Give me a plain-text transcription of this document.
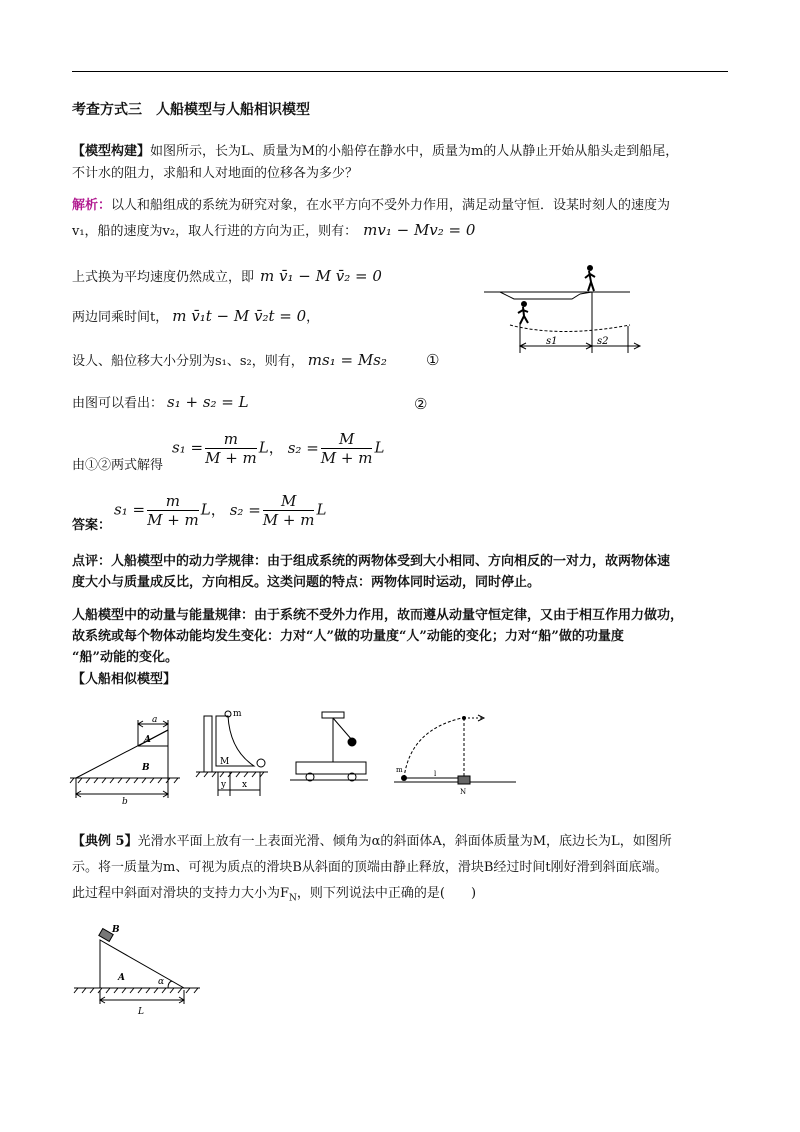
考查方式三　人船模型与人船相识模型
【模型构建】如图所示，长为L、质量为M的小船停在静水中，质量为m的人从静止开始从船头走到船尾，
不计水的阻力，求船和人对地面的位移各为多少？
解析：以人和船组成的系统为研究对象，在水平方向不受外力作用，满足动量守恒．设某时刻人的速度为
v₁，船的速度为v₂，取人行进的方向为正，则有： mv₁ − Mv₂ = 0
上式换为平均速度仍然成立，即 m v̄₁ − M v̄₂ = 0
两边同乘时间t， m v̄₁t − M v̄₂t = 0，
设人、船位移大小分别为s₁、s₂，则有， ms₁ = Ms₂	①
由图可以看出： s₁ + s₂ = L	②
由①②两式解得
$s_1 = \frac{m}{M + m}$ L， $s_2 = \frac{M}{M + m}$ L
答案：
$s_1 = \frac{m}{M + m}$ L， $s_2 = \frac{M}{M + m}$ L
点评：人船模型中的动力学规律：由于组成系统的两物体受到大小相同、方向相反的一对力，故两物体速
度大小与质量成反比，方向相反。这类问题的特点：两物体同时运动，同时停止。
人船模型中的动量与能量规律：由于系统不受外力作用，故而遵从动量守恒定律，又由于相互作用力做功，
故系统或每个物体动能均发生变化：力对“人”做的功量度“人”动能的变化；力对“船”做的功量度
“船”动能的变化。
【人船相似模型】
s1	s2
a
A
B
b
m
M
y x
l
m
N
【典例 5】光滑水平面上放有一上表面光滑、倾角为α的斜面体A，斜面体质量为M，底边长为L，如图所
示。将一质量为m、可视为质点的滑块B从斜面的顶端由静止释放，滑块B经过时间t刚好滑到斜面底端。
此过程中斜面对滑块的支持力大小为$F_N$，则下列说法中正确的是(　　)
B
A	α
L
